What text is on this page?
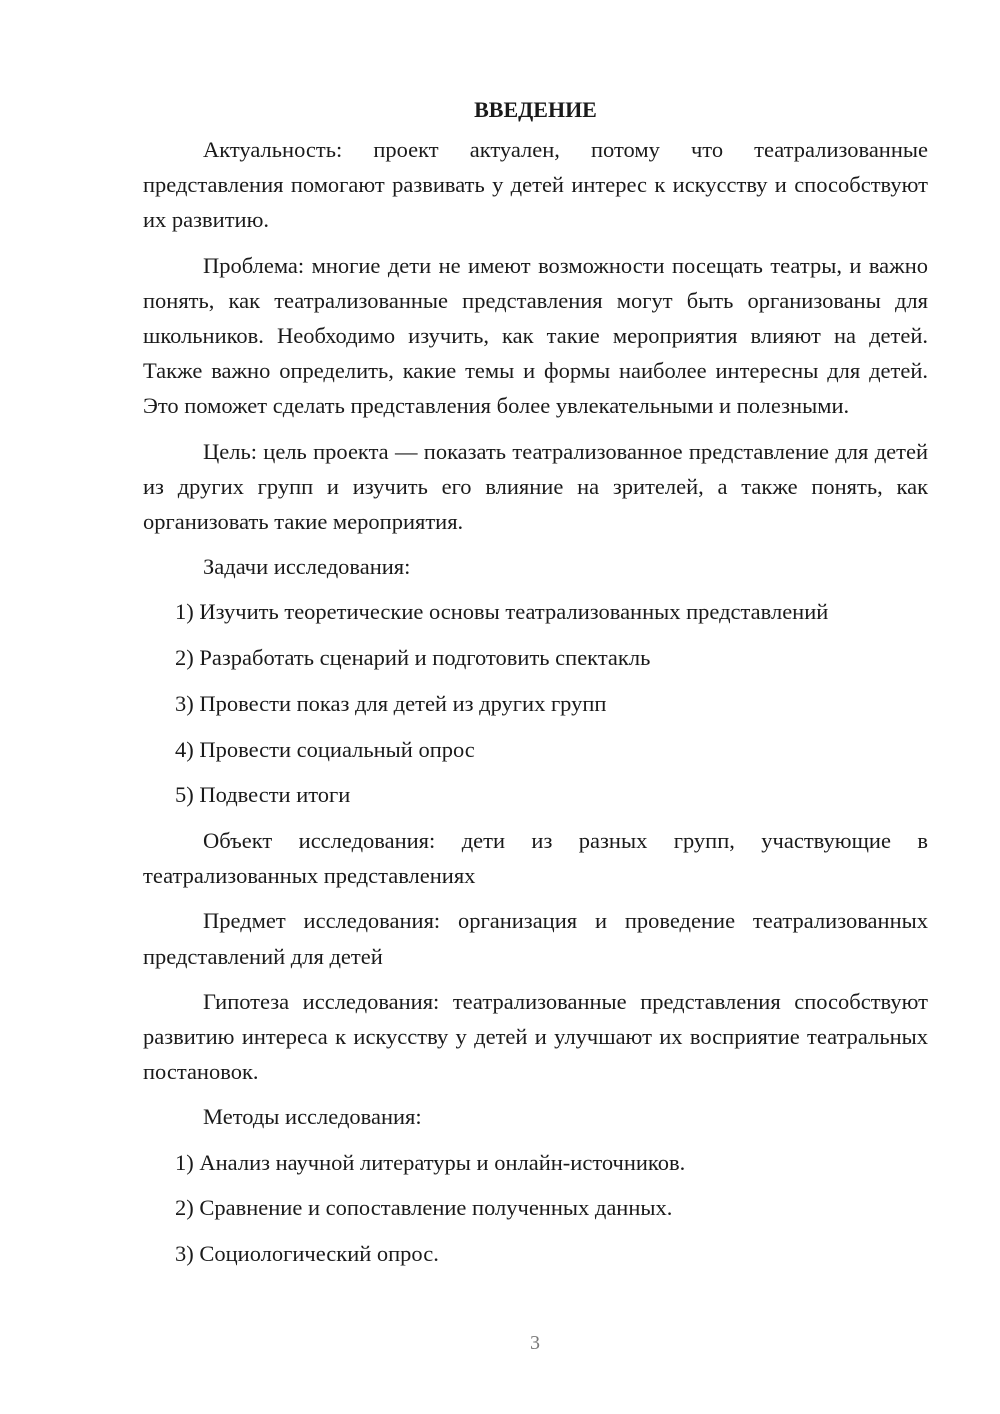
ВВЕДЕНИЕ

Актуальность: проект актуален, потому что театрализованные представления помогают развивать у детей интерес к искусству и способствуют их развитию.

Проблема: многие дети не имеют возможности посещать театры, и важно понять, как театрализованные представления могут быть организованы для школьников. Необходимо изучить, как такие мероприятия влияют на детей. Также важно определить, какие темы и формы наиболее интересны для детей. Это поможет сделать представления более увлекательными и полезными.

Цель: цель проекта — показать театрализованное представление для детей из других групп и изучить его влияние на зрителей, а также понять, как организовать такие мероприятия.

Задачи исследования:

1) Изучить теоретические основы театрализованных представлений
2) Разработать сценарий и подготовить спектакль
3) Провести показ для детей из других групп
4) Провести социальный опрос
5) Подвести итоги

Объект исследования: дети из разных групп, участвующие в театрализованных представлениях

Предмет исследования: организация и проведение театрализованных представлений для детей

Гипотеза исследования: театрализованные представления способствуют развитию интереса к искусству у детей и улучшают их восприятие театральных постановок.

Методы исследования:

1) Анализ научной литературы и онлайн-источников.
2) Сравнение и сопоставление полученных данных.
3) Социологический опрос.
3
